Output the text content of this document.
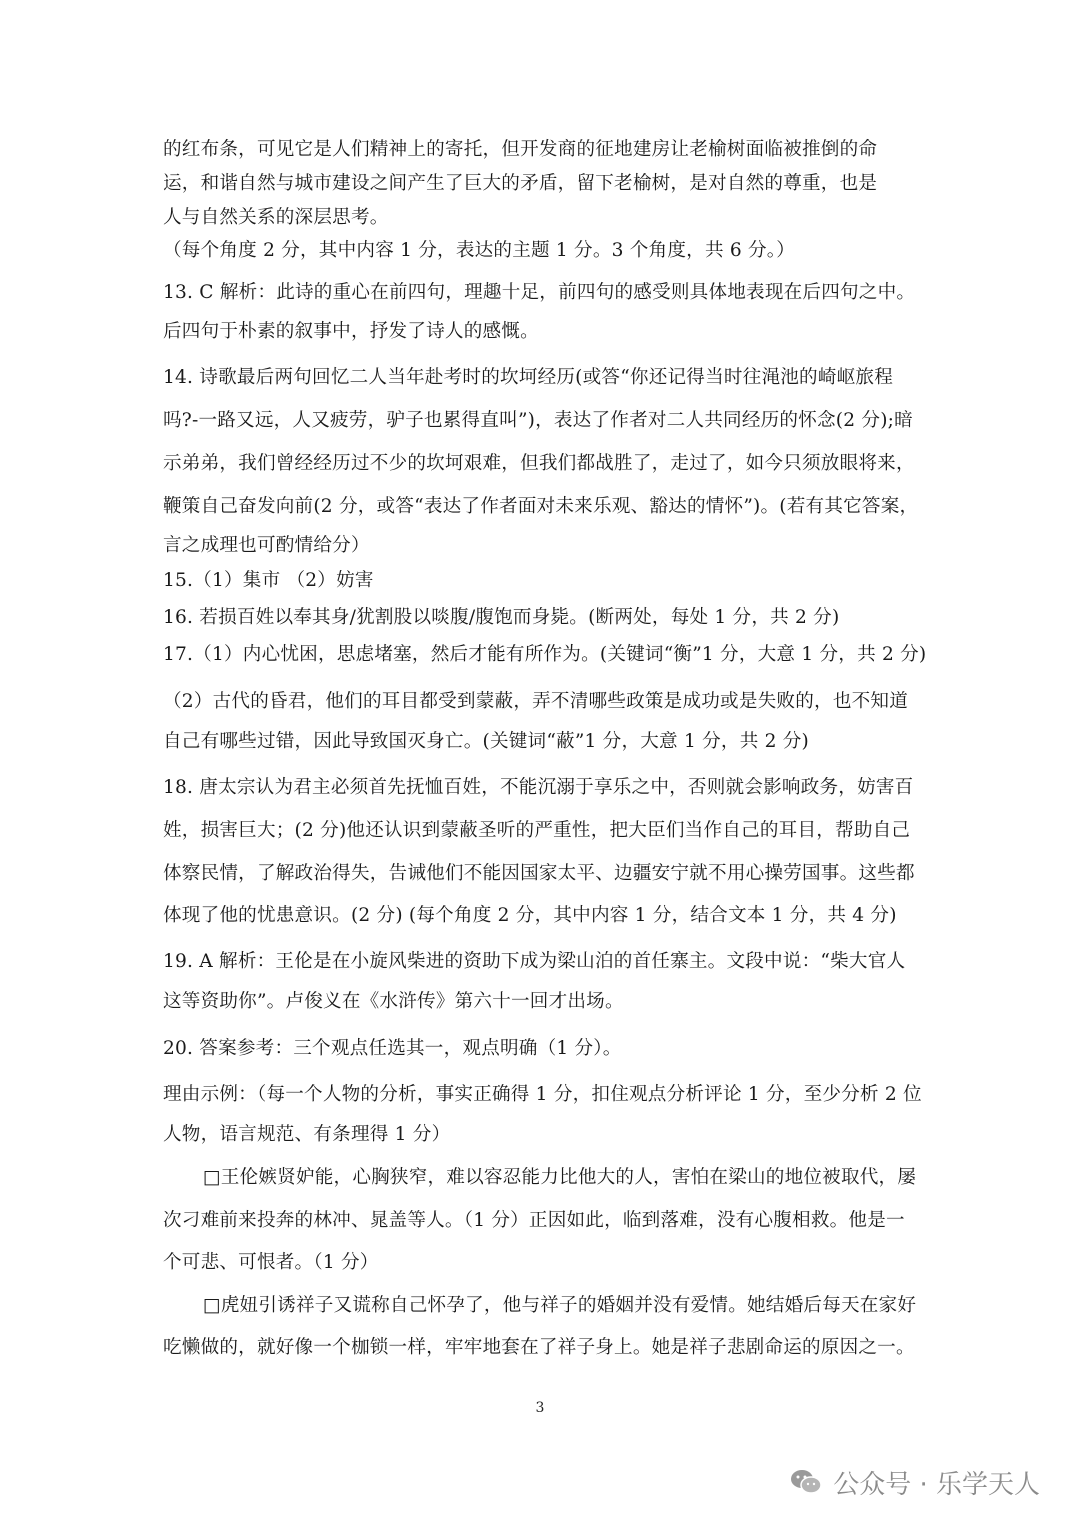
的红布条，可见它是人们精神上的寄托，但开发商的征地建房让老榆树面临被推倒的命
运，和谐自然与城市建设之间产生了巨大的矛盾，留下老榆树，是对自然的尊重，也是
人与自然关系的深层思考。
（每个角度 2 分，其中内容 1 分，表达的主题 1 分。3 个角度，共 6 分。）
13. C 解析：此诗的重心在前四句，理趣十足，前四句的感受则具体地表现在后四句之中。
后四句于朴素的叙事中，抒发了诗人的感慨。
14. 诗歌最后两句回忆二人当年赴考时的坎坷经历(或答“你还记得当时往渑池的崎岖旅程
吗?-一路又远，人又疲劳，驴子也累得直叫”)，表达了作者对二人共同经历的怀念(2 分);暗
示弟弟，我们曾经经历过不少的坎坷艰难，但我们都战胜了，走过了，如今只须放眼将来，
鞭策自己奋发向前(2 分，或答“表达了作者面对未来乐观、豁达的情怀”)。(若有其它答案，
言之成理也可酌情给分）
15.（1）集市 （2）妨害
16. 若损百姓以奉其身/犹割股以啖腹/腹饱而身毙。(断两处，每处 1 分，共 2 分)
17.（1）内心忧困，思虑堵塞，然后才能有所作为。(关键词“衡”1 分，大意 1 分，共 2 分)
（2）古代的昏君，他们的耳目都受到蒙蔽，弄不清哪些政策是成功或是失败的，也不知道
自己有哪些过错，因此导致国灭身亡。(关键词“蔽”1 分，大意 1 分，共 2 分)
18. 唐太宗认为君主必须首先抚恤百姓，不能沉溺于享乐之中，否则就会影响政务，妨害百
姓，损害巨大；(2 分)他还认识到蒙蔽圣听的严重性，把大臣们当作自己的耳目，帮助自己
体察民情，了解政治得失，告诫他们不能因国家太平、边疆安宁就不用心操劳国事。这些都
体现了他的忧患意识。(2 分) (每个角度 2 分，其中内容 1 分，结合文本 1 分，共 4 分)
19. A 解析：王伦是在小旋风柴进的资助下成为梁山泊的首任寨主。文段中说：“柴大官人
这等资助你”。卢俊义在《水浒传》第六十一回才出场。
20. 答案参考：三个观点任选其一，观点明确（1 分）。
理由示例：（每一个人物的分析，事实正确得 1 分，扣住观点分析评论 1 分，至少分析 2 位
人物，语言规范、有条理得 1 分）
□王伦嫉贤妒能，心胸狭窄，难以容忍能力比他大的人，害怕在梁山的地位被取代，屡
次刁难前来投奔的林冲、晁盖等人。（1 分）正因如此，临到落难，没有心腹相救。他是一
个可悲、可恨者。（1 分）
□虎妞引诱祥子又谎称自己怀孕了，他与祥子的婚姻并没有爱情。她结婚后每天在家好
吃懒做的，就好像一个枷锁一样，牢牢地套在了祥子身上。她是祥子悲剧命运的原因之一。
3
公众号 · 乐学天人
